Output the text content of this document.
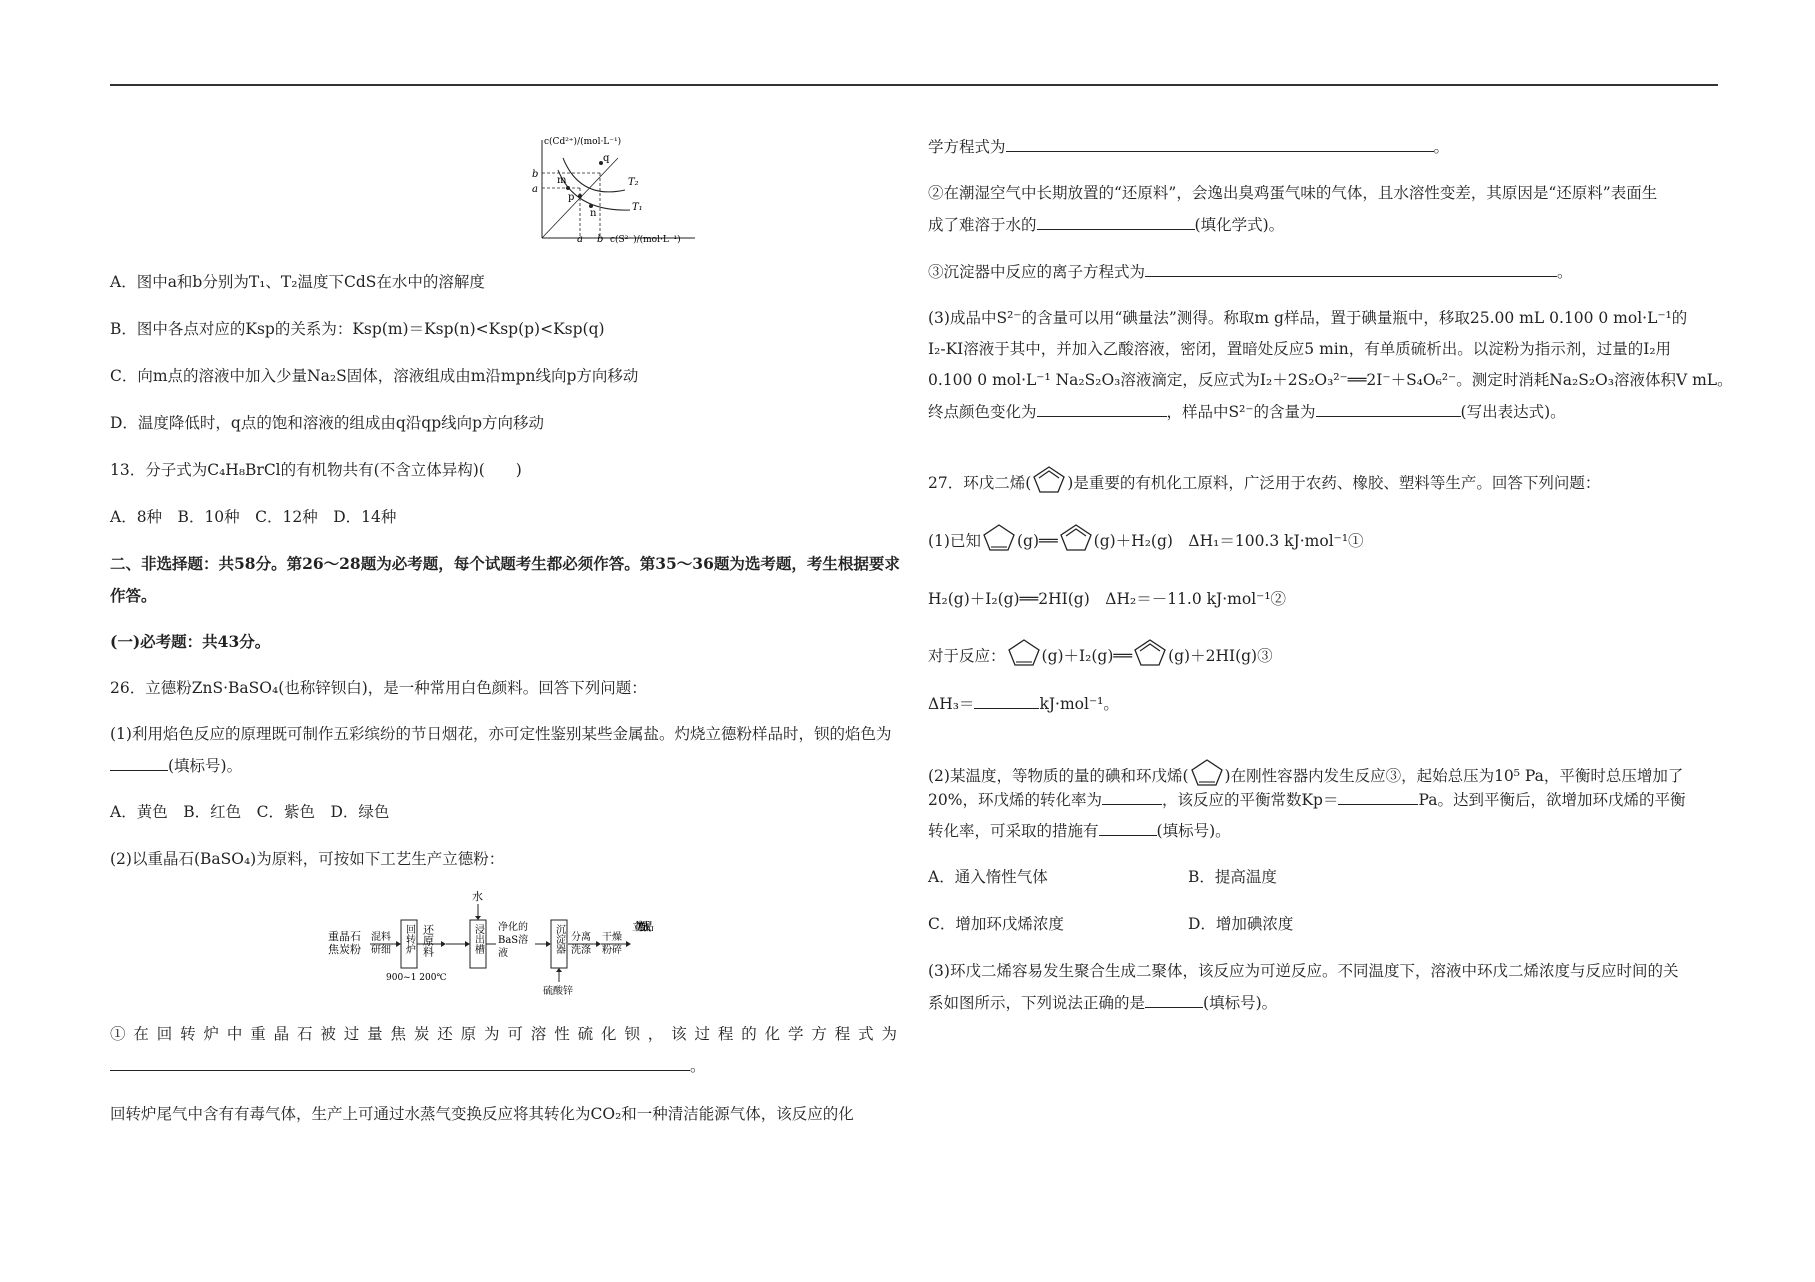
c(Cd²⁺)/(mol·L⁻¹)
c(S²⁻)/(mol·L⁻¹)
b
a
a b
q
m
p
n
T₂
T₁
A．图中a和b分别为T₁、T₂温度下CdS在水中的溶解度
B．图中各点对应的Ksp的关系为：Ksp(m)＝Ksp(n)<Ksp(p)<Ksp(q)
C．向m点的溶液中加入少量Na₂S固体，溶液组成由m沿mpn线向p方向移动
D．温度降低时，q点的饱和溶液的组成由q沿qp线向p方向移动
13．分子式为C₄H₈BrCl的有机物共有(不含立体异构)(　　)
A．8种　B．10种　C．12种　D．14种
二、非选择题：共58分。第26～28题为必考题，每个试题考生都必须作答。第35～36题为选考题，考生根据要求作答。
(一)必考题：共43分。
26．立德粉ZnS·BaSO₄(也称锌钡白)，是一种常用白色颜料。回答下列问题：
(1)利用焰色反应的原理既可制作五彩缤纷的节日烟花，亦可定性鉴别某些金属盐。灼烧立德粉样品时，钡的焰色为(填标号)。
A．黄色　B．红色　C．紫色　D．绿色
(2)以重晶石(BaSO₄)为原料，可按如下工艺生产立德粉：
重晶石
焦炭粉
混料
研细 回转炉
900~1 200℃
还原料	浸出槽
水
净化的
BaS溶
液	沉淀器
硫酸锌
分离
洗涤
干燥
粉碎
立德粉成品
①在回转炉中重晶石被过量焦炭还原为可溶性硫化钡，该过程的化学方程式为
。
回转炉尾气中含有有毒气体，生产上可通过水蒸气变换反应将其转化为CO₂和一种清洁能源气体，该反应的化
学方程式为	。
②在潮湿空气中长期放置的“还原料”，会逸出臭鸡蛋气味的气体，且水溶性变差，其原因是“还原料”表面生
成了难溶于水的	(填化学式)。
③沉淀器中反应的离子方程式为	。
(3)成品中S²⁻的含量可以用“碘量法”测得。称取m g样品，置于碘量瓶中，移取25.00 mL 0.100 0 mol·L⁻¹的
I₂-KI溶液于其中，并加入乙酸溶液，密闭，置暗处反应5 min，有单质硫析出。以淀粉为指示剂，过量的I₂用
0.100 0 mol·L⁻¹ Na₂S₂O₃溶液滴定，反应式为I₂＋2S₂O₃²⁻══2I⁻＋S₄O₆²⁻。测定时消耗Na₂S₂O₃溶液体积V mL。
终点颜色变化为	，样品中S²⁻的含量为	(写出表达式)。
27．环戊二烯( )是重要的有机化工原料，广泛用于农药、橡胶、塑料等生产。回答下列问题：
(1)已知 (g)══ (g)＋H₂(g)　ΔH₁＝100.3 kJ·mol⁻¹①
H₂(g)＋I₂(g)══2HI(g)　ΔH₂＝－11.0 kJ·mol⁻¹②
对于反应： (g)＋I₂(g)══ (g)＋2HI(g)③
ΔH₃＝	kJ·mol⁻¹。
(2)某温度，等物质的量的碘和环戊烯( )在刚性容器内发生反应③，起始总压为10⁵ Pa，平衡时总压增加了
20%，环戊烯的转化率为	，该反应的平衡常数Kp＝	Pa。达到平衡后，欲增加环戊烯的平衡
转化率，可采取的措施有	(填标号)。
A．通入惰性气体	B．提高温度
C．增加环戊烯浓度	D．增加碘浓度
(3)环戊二烯容易发生聚合生成二聚体，该反应为可逆反应。不同温度下，溶液中环戊二烯浓度与反应时间的关
系如图所示，下列说法正确的是	(填标号)。
